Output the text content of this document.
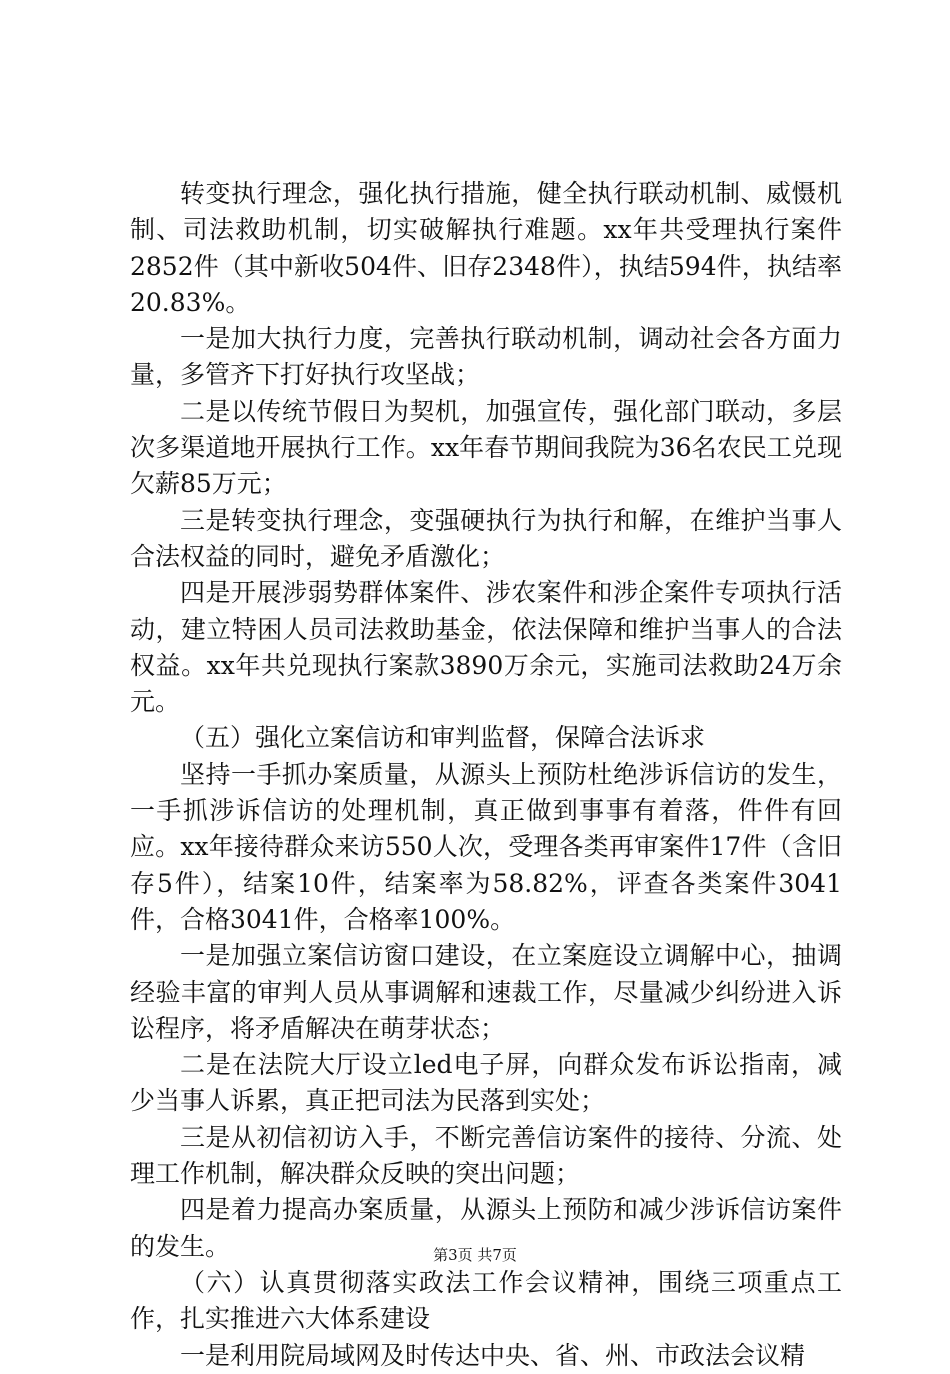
转变执行理念，强化执行措施，健全执行联动机制、威慑机制、司法救助机制，切实破解执行难题。xx年共受理执行案件2852件（其中新收504件、旧存2348件），执结594件，执结率20.83%。

一是加大执行力度，完善执行联动机制，调动社会各方面力量，多管齐下打好执行攻坚战；

二是以传统节假日为契机，加强宣传，强化部门联动，多层次多渠道地开展执行工作。xx年春节期间我院为36名农民工兑现欠薪85万元；

三是转变执行理念，变强硬执行为执行和解，在维护当事人合法权益的同时，避免矛盾激化；

四是开展涉弱势群体案件、涉农案件和涉企案件专项执行活动，建立特困人员司法救助基金，依法保障和维护当事人的合法权益。xx年共兑现执行案款3890万余元，实施司法救助24万余元。

（五）强化立案信访和审判监督，保障合法诉求

坚持一手抓办案质量，从源头上预防杜绝涉诉信访的发生，一手抓涉诉信访的处理机制，真正做到事事有着落，件件有回应。xx年接待群众来访550人次，受理各类再审案件17件（含旧存5件），结案10件，结案率为58.82%，评查各类案件3041件，合格3041件，合格率100%。

一是加强立案信访窗口建设，在立案庭设立调解中心，抽调经验丰富的审判人员从事调解和速裁工作，尽量减少纠纷进入诉讼程序，将矛盾解决在萌芽状态；

二是在法院大厅设立led电子屏，向群众发布诉讼指南，减少当事人诉累，真正把司法为民落到实处；

三是从初信初访入手，不断完善信访案件的接待、分流、处理工作机制，解决群众反映的突出问题；

四是着力提高办案质量，从源头上预防和减少涉诉信访案件的发生。

（六）认真贯彻落实政法工作会议精神，围绕三项重点工作，扎实推进六大体系建设

一是利用院局域网及时传达中央、省、州、市政法会议精

第3页 共7页
